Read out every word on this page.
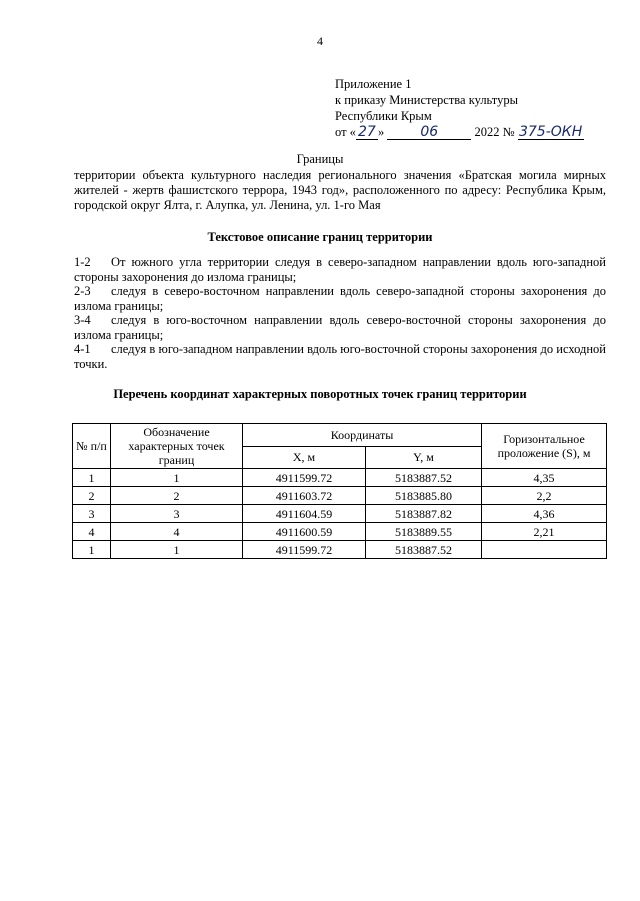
4
Приложение 1
к приказу Министерства культуры
Республики Крым
от « 27 »	06	2022 № 375-ОКН
Границы
территории объекта культурного наследия регионального значения «Братская могила мирных жителей - жертв фашистского террора, 1943 год», расположенного по адресу: Республика Крым, городской округ Ялта, г. Алупка, ул. Ленина, ул. 1-го Мая
Текстовое описание границ территории
1-2 От южного угла территории следуя в северо-западном направлении вдоль юго-западной стороны захоронения до излома границы;
2-3 следуя в северо-восточном направлении вдоль северо-западной стороны захоронения до излома границы;
3-4 следуя в юго-восточном направлении вдоль северо-восточной стороны захоронения до излома границы;
4-1 следуя в юго-западном направлении вдоль юго-восточной стороны захоронения до исходной точки.
Перечень координат характерных поворотных точек границ территории
№ п/п	Обозначение характерных точек границ	Координаты		Горизонтальное проложение (S), м
		X, м	Y, м	
1	1	4911599.72	5183887.52	4,35
2	2	4911603.72	5183885.80	2,2
3	3	4911604.59	5183887.82	4,36
4	4	4911600.59	5183889.55	2,21
1	1	4911599.72	5183887.52	
